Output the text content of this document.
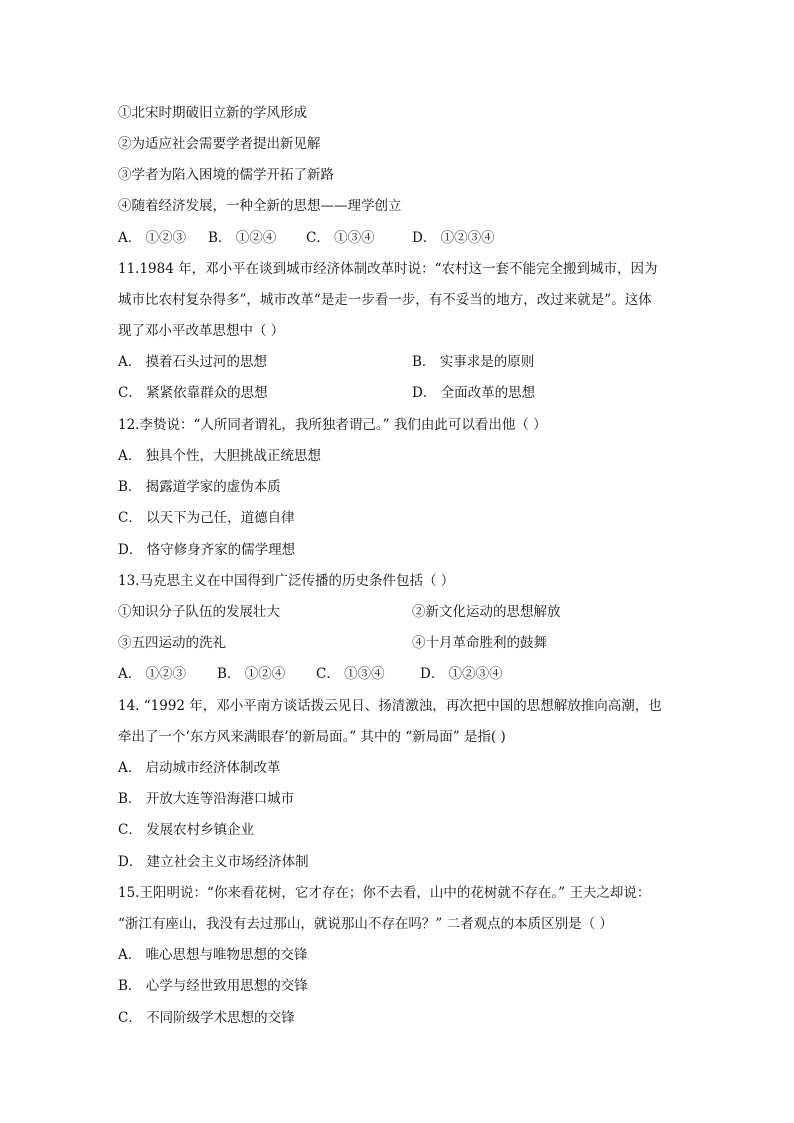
①北宋时期破旧立新的学风形成
②为适应社会需要学者提出新见解
③学者为陷入困境的儒学开拓了新路
④随着经济发展，一种全新的思想——理学创立
A． ①②③ B． ①②④ C． ①③④	D． ①②③④
11.1984 年，邓小平在谈到城市经济体制改革时说：“农村这一套不能完全搬到城市，因为
城市比农村复杂得多”，城市改革“是走一步看一步，有不妥当的地方，改过来就是”。这体
现了邓小平改革思想中（ ）
A． 摸着石头过河的思想	B． 实事求是的原则
C． 紧紧依靠群众的思想	D． 全面改革的思想
12.李贽说：“人所同者谓礼，我所独者谓己。” 我们由此可以看出他（ ）
A． 独具个性，大胆挑战正统思想
B． 揭露道学家的虚伪本质
C． 以天下为己任，道德自律
D． 恪守修身齐家的儒学理想
13.马克思主义在中国得到广泛传播的历史条件包括（ ）
①知识分子队伍的发展壮大	②新文化运动的思想解放
③五四运动的洗礼	④十月革命胜利的鼓舞
A． ①②③ B． ①②④ C． ①③④	D． ①②③④
14. “1992 年，邓小平南方谈话拨云见日、扬清激浊，再次把中国的思想解放推向高潮，也
牵出了一个‘东方风来满眼春’的新局面。” 其中的 “新局面” 是指( )
A． 启动城市经济体制改革
B． 开放大连等沿海港口城市
C． 发展农村乡镇企业
D． 建立社会主义市场经济体制
15.王阳明说：“你来看花树，它才存在；你不去看，山中的花树就不存在。” 王夫之却说：
“浙江有座山，我没有去过那山，就说那山不存在吗？” 二者观点的本质区别是（ ）
A． 唯心思想与唯物思想的交锋
B． 心学与经世致用思想的交锋
C． 不同阶级学术思想的交锋
